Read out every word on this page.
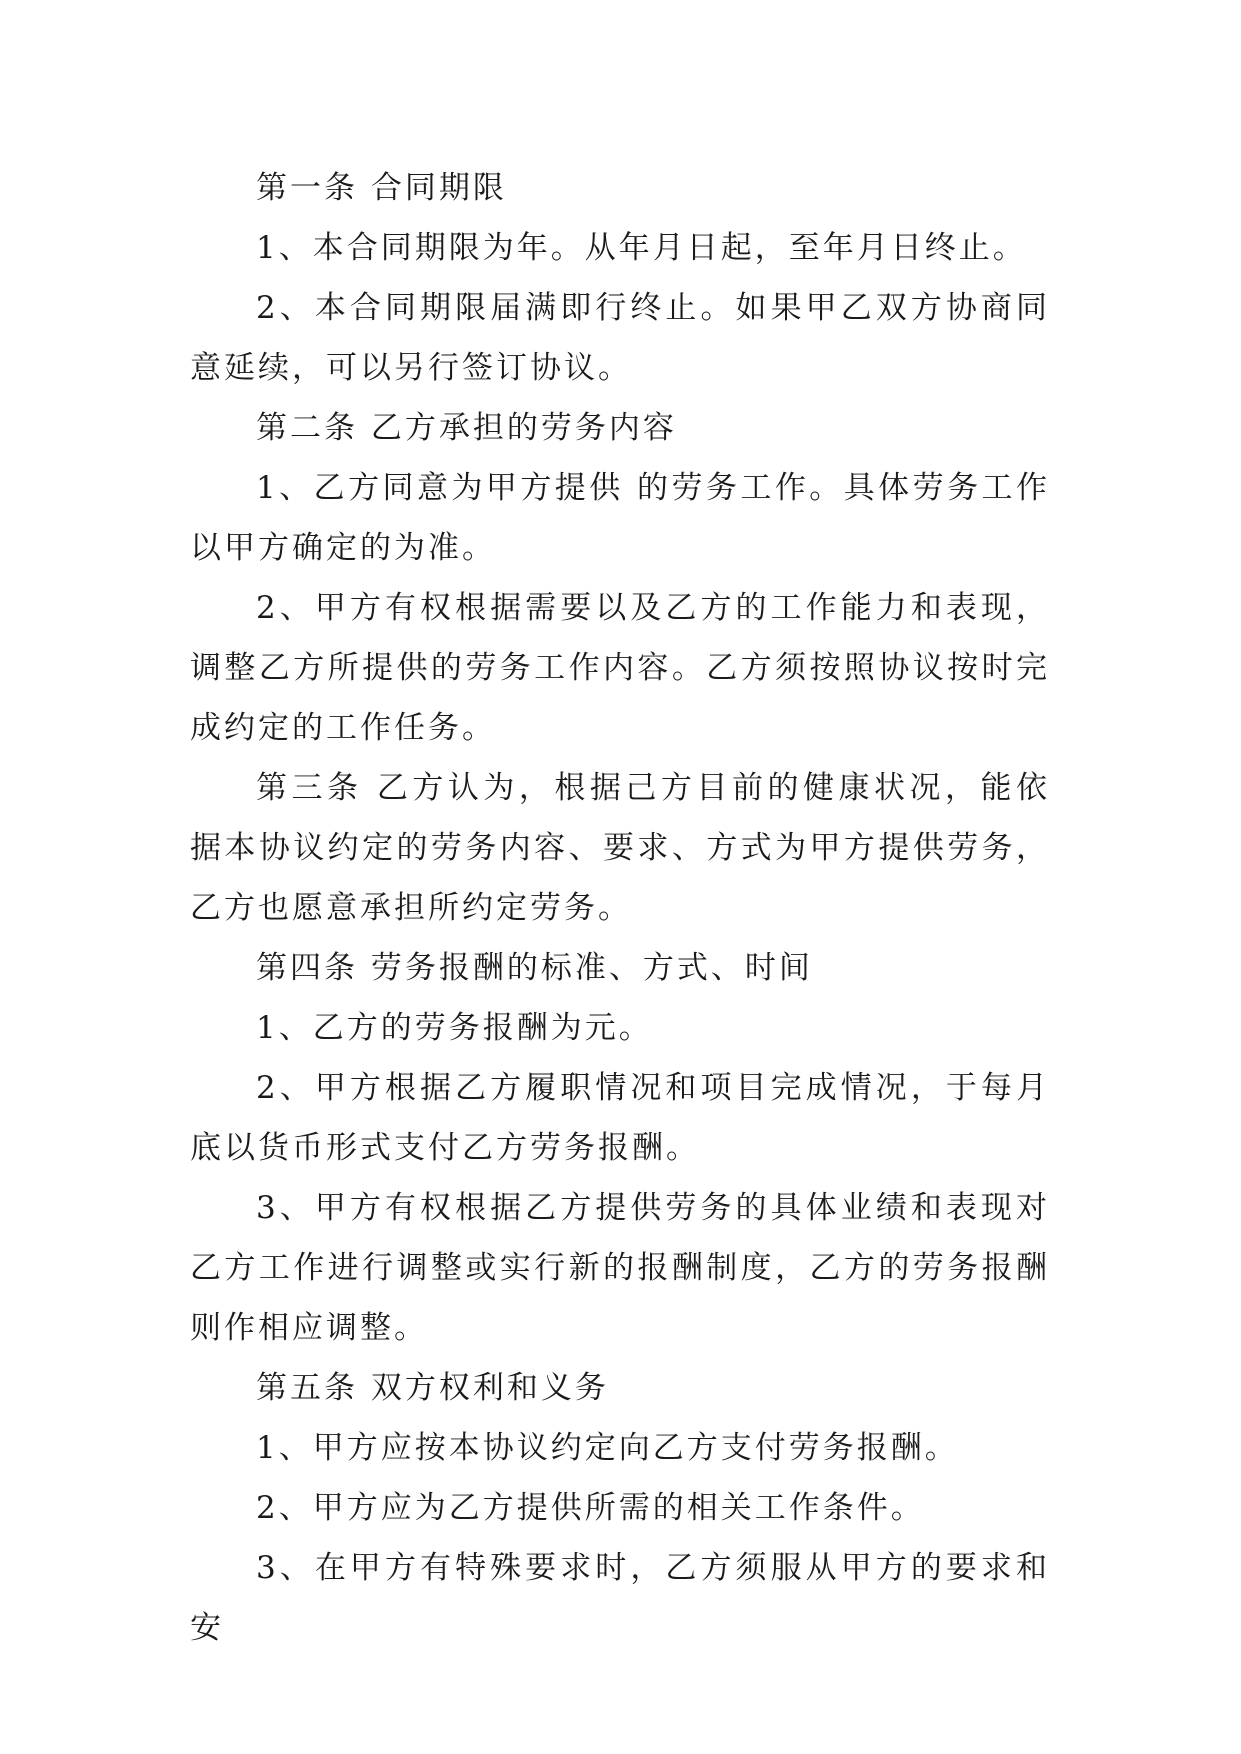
第一条 合同期限

1、本合同期限为年。从年月日起，至年月日终止。

2、本合同期限届满即行终止。如果甲乙双方协商同意延续，可以另行签订协议。

第二条 乙方承担的劳务内容

1、乙方同意为甲方提供 的劳务工作。具体劳务工作以甲方确定的为准。

2、甲方有权根据需要以及乙方的工作能力和表现，调整乙方所提供的劳务工作内容。乙方须按照协议按时完成约定的工作任务。

第三条 乙方认为，根据己方目前的健康状况，能依据本协议约定的劳务内容、要求、方式为甲方提供劳务，乙方也愿意承担所约定劳务。

第四条 劳务报酬的标准、方式、时间

1、乙方的劳务报酬为元。

2、甲方根据乙方履职情况和项目完成情况，于每月底以货币形式支付乙方劳务报酬。

3、甲方有权根据乙方提供劳务的具体业绩和表现对乙方工作进行调整或实行新的报酬制度，乙方的劳务报酬则作相应调整。

第五条 双方权利和义务

1、甲方应按本协议约定向乙方支付劳务报酬。

2、甲方应为乙方提供所需的相关工作条件。

3、在甲方有特殊要求时，乙方须服从甲方的要求和安
